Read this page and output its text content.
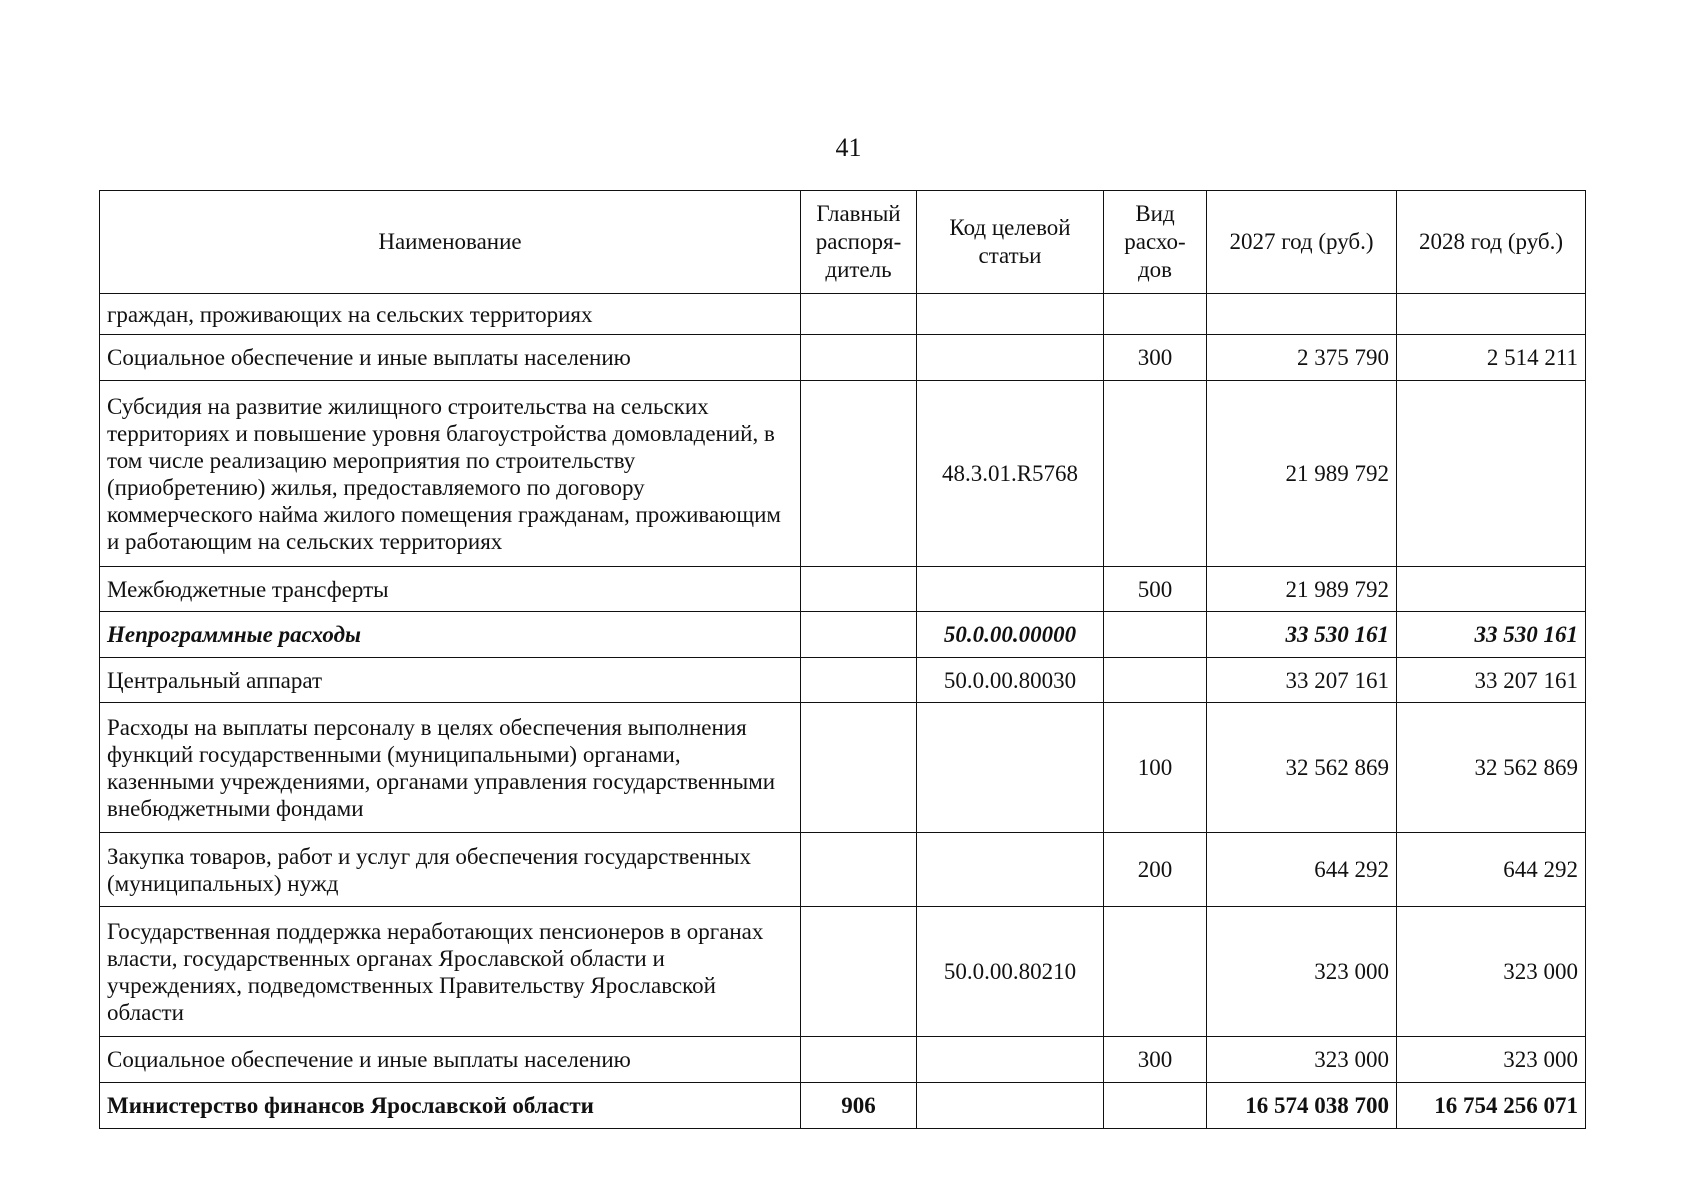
41
Наименование	Главный распоря-дитель	Код целевой статьи	Вид расхо-дов	2027 год (руб.)	2028 год (руб.)
граждан, проживающих на сельских территориях					
Социальное обеспечение и иные выплаты населению			300	2 375 790	2 514 211
Субсидия на развитие жилищного строительства на сельских территориях и повышение уровня благоустройства домовладений, в том числе реализацию мероприятия по строительству (приобретению) жилья, предоставляемого по договору коммерческого найма жилого помещения гражданам, проживающим и работающим на сельских территориях		48.3.01.R5768		21 989 792	
Межбюджетные трансферты			500	21 989 792	
Непрограммные расходы		50.0.00.00000		33 530 161	33 530 161
Центральный аппарат		50.0.00.80030		33 207 161	33 207 161
Расходы на выплаты персоналу в целях обеспечения выполнения функций государственными (муниципальными) органами, казенными учреждениями, органами управления государственными внебюджетными фондами			100	32 562 869	32 562 869
Закупка товаров, работ и услуг для обеспечения государственных (муниципальных) нужд			200	644 292	644 292
Государственная поддержка неработающих пенсионеров в органах власти, государственных органах Ярославской области и учреждениях, подведомственных Правительству Ярославской области		50.0.00.80210		323 000	323 000
Социальное обеспечение и иные выплаты населению			300	323 000	323 000
Министерство финансов Ярославской области	906			16 574 038 700	16 754 256 071
